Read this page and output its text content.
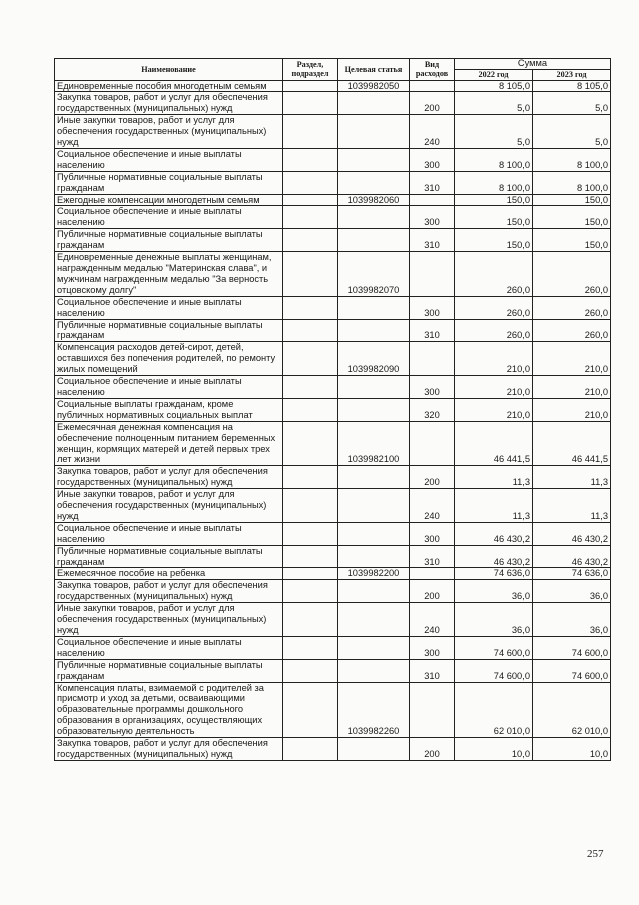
Наименование	Раздел, подраздел	Целевая статья	Вид расходов	Сумма	
				2022 год	2023 год
Единовременные пособия многодетным семьям		1039982050		8 105,0	8 105,0
Закупка товаров, работ и услуг для обеспечения государственных (муниципальных) нужд			200	5,0	5,0
Иные закупки товаров, работ и услуг для обеспечения государственных (муниципальных) нужд			240	5,0	5,0
Социальное обеспечение и иные выплаты населению			300	8 100,0	8 100,0
Публичные нормативные социальные выплаты гражданам			310	8 100,0	8 100,0
Ежегодные компенсации многодетным семьям		1039982060		150,0	150,0
Социальное обеспечение и иные выплаты населению			300	150,0	150,0
Публичные нормативные социальные выплаты гражданам			310	150,0	150,0
Единовременные денежные выплаты женщинам, награжденным медалью "Материнская слава", и мужчинам награжденным медалью "За верность отцовскому долгу"		1039982070		260,0	260,0
Социальное обеспечение и иные выплаты населению			300	260,0	260,0
Публичные нормативные социальные выплаты гражданам			310	260,0	260,0
Компенсация расходов детей-сирот, детей, оставшихся без попечения родителей, по ремонту жилых помещений		1039982090		210,0	210,0
Социальное обеспечение и иные выплаты населению			300	210,0	210,0
Социальные выплаты гражданам, кроме публичных нормативных социальных выплат			320	210,0	210,0
Ежемесячная денежная компенсация на обеспечение полноценным питанием беременных женщин, кормящих матерей и детей первых трех лет жизни		1039982100		46 441,5	46 441,5
Закупка товаров, работ и услуг для обеспечения государственных (муниципальных) нужд			200	11,3	11,3
Иные закупки товаров, работ и услуг для обеспечения государственных (муниципальных) нужд			240	11,3	11,3
Социальное обеспечение и иные выплаты населению			300	46 430,2	46 430,2
Публичные нормативные социальные выплаты гражданам			310	46 430,2	46 430,2
Ежемесячное пособие на ребенка		1039982200		74 636,0	74 636,0
Закупка товаров, работ и услуг для обеспечения государственных (муниципальных) нужд			200	36,0	36,0
Иные закупки товаров, работ и услуг для обеспечения государственных (муниципальных) нужд			240	36,0	36,0
Социальное обеспечение и иные выплаты населению			300	74 600,0	74 600,0
Публичные нормативные социальные выплаты гражданам			310	74 600,0	74 600,0
Компенсация платы, взимаемой с родителей за присмотр и уход за детьми, осваивающими образовательные программы дошкольного образования в организациях, осуществляющих образовательную деятельность		1039982260		62 010,0	62 010,0
Закупка товаров, работ и услуг для обеспечения государственных (муниципальных) нужд			200	10,0	10,0
257
